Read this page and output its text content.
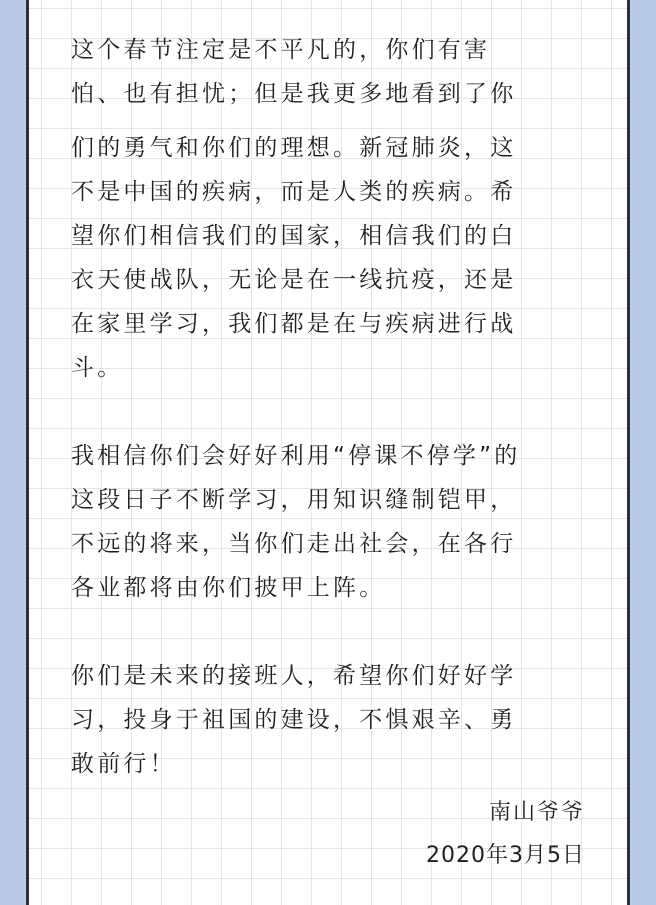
这个春节注定是不平凡的，你们有害

怕、也有担忧；但是我更多地看到了你

们的勇气和你们的理想。新冠肺炎，这

不是中国的疾病，而是人类的疾病。希

望你们相信我们的国家，相信我们的白

衣天使战队，无论是在一线抗疫，还是

在家里学习，我们都是在与疾病进行战

斗。

我相信你们会好好利用“停课不停学”的

这段日子不断学习，用知识缝制铠甲，

不远的将来，当你们走出社会，在各行

各业都将由你们披甲上阵。

你们是未来的接班人，希望你们好好学

习，投身于祖国的建设，不惧艰辛、勇

敢前行！

南山爷爷
2020年3月5日
